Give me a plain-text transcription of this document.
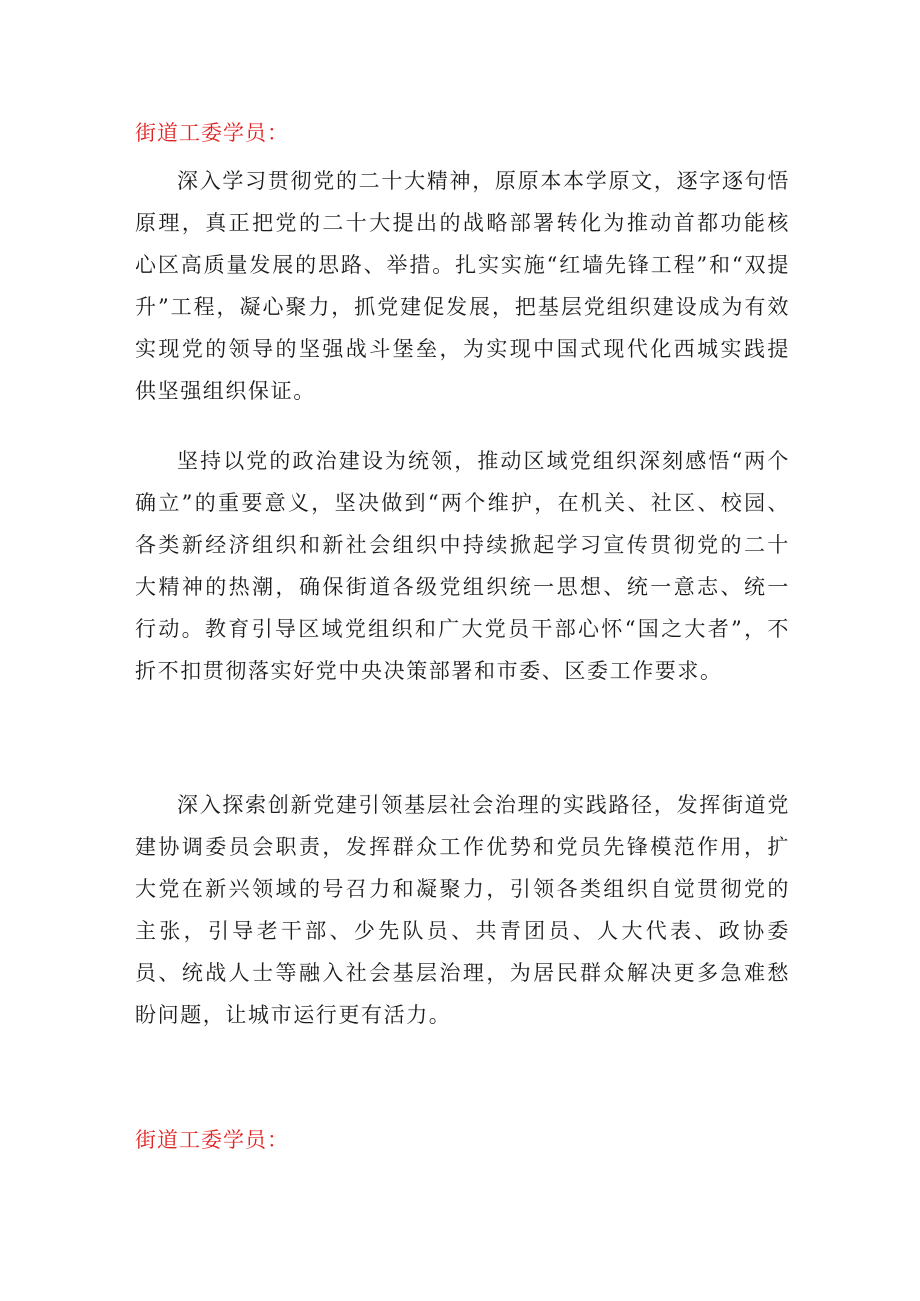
街道工委学员：

深入学习贯彻党的二十大精神，原原本本学原文，逐字逐句悟原理，真正把党的二十大提出的战略部署转化为推动首都功能核心区高质量发展的思路、举措。扎实实施“红墙先锋工程”和“双提升”工程，凝心聚力，抓党建促发展，把基层党组织建设成为有效实现党的领导的坚强战斗堡垒，为实现中国式现代化西城实践提供坚强组织保证。

坚持以党的政治建设为统领，推动区域党组织深刻感悟“两个确立”的重要意义，坚决做到“两个维护，在机关、社区、校园、各类新经济组织和新社会组织中持续掀起学习宣传贯彻党的二十大精神的热潮，确保街道各级党组织统一思想、统一意志、统一行动。教育引导区域党组织和广大党员干部心怀“国之大者”，不折不扣贯彻落实好党中央决策部署和市委、区委工作要求。

深入探索创新党建引领基层社会治理的实践路径，发挥街道党建协调委员会职责，发挥群众工作优势和党员先锋模范作用，扩大党在新兴领域的号召力和凝聚力，引领各类组织自觉贯彻党的主张，引导老干部、少先队员、共青团员、人大代表、政协委员、统战人士等融入社会基层治理，为居民群众解决更多急难愁盼问题，让城市运行更有活力。

街道工委学员：
